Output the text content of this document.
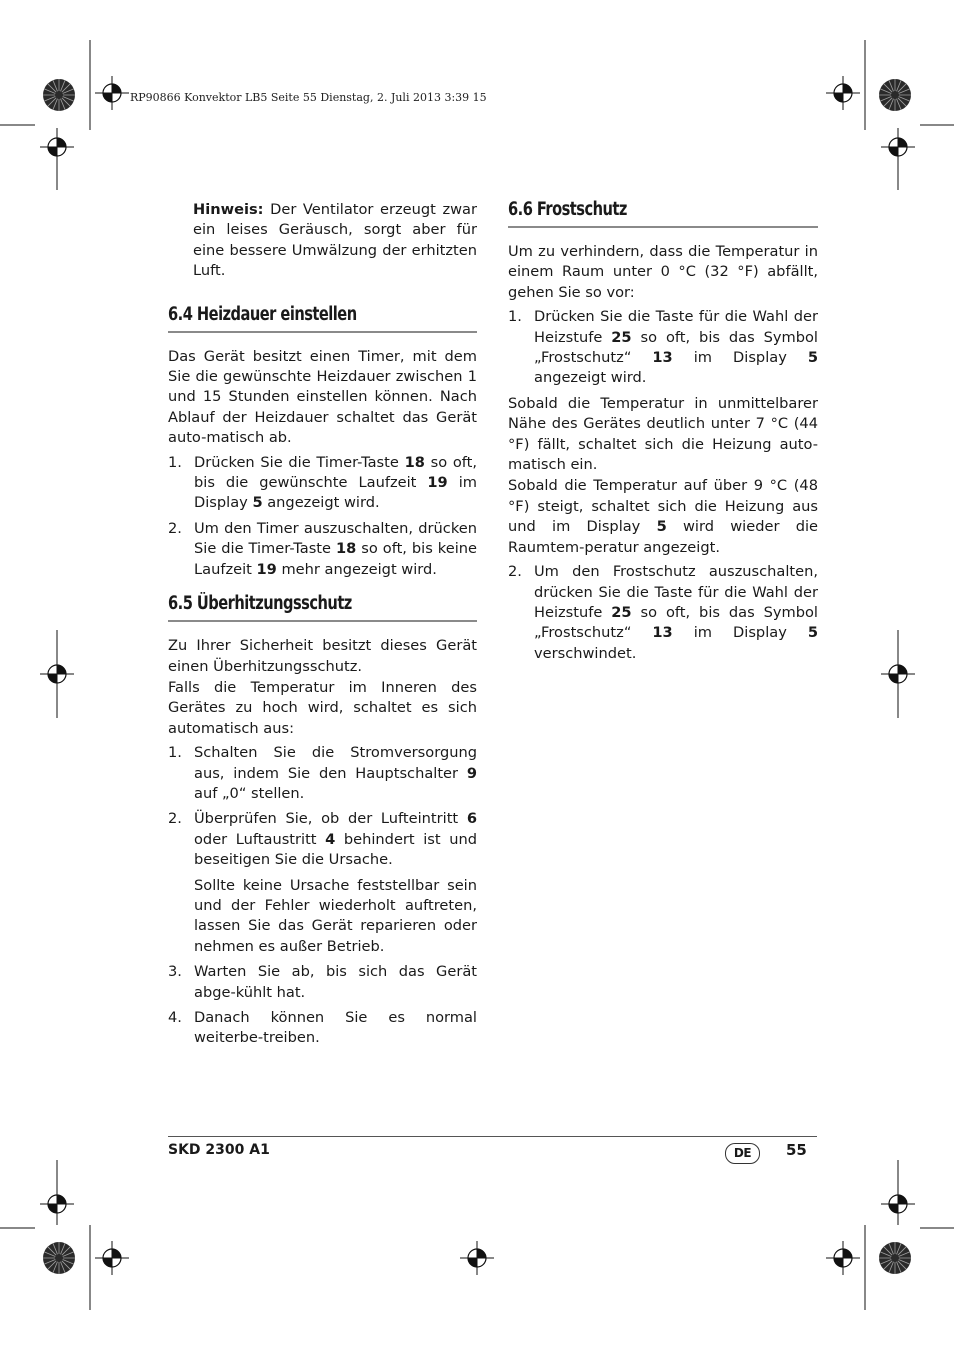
RP90866 Konvektor LB5 Seite 55 Dienstag, 2. Juli 2013 3:39 15

Hinweis: Der Ventilator erzeugt zwar ein leises Geräusch, sorgt aber für eine bessere Umwälzung der erhitzten Luft.

6.4 Heizdauer einstellen

Das Gerät besitzt einen Timer, mit dem Sie die gewünschte Heizdauer zwischen 1 und 15 Stunden einstellen können. Nach Ablauf der Heizdauer schaltet das Gerät auto-matisch ab.

1. Drücken Sie die Timer-Taste 18 so oft, bis die gewünschte Laufzeit 19 im Display 5 angezeigt wird.
2. Um den Timer auszuschalten, drücken Sie die Timer-Taste 18 so oft, bis keine Laufzeit 19 mehr angezeigt wird.
6.5 Überhitzungsschutz

Zu Ihrer Sicherheit besitzt dieses Gerät einen Überhitzungsschutz.

Falls die Temperatur im Inneren des Gerätes zu hoch wird, schaltet es sich automatisch aus:

1. Schalten Sie die Stromversorgung aus, indem Sie den Hauptschalter 9 auf „0“ stellen.
2. Überprüfen Sie, ob der Lufteintritt 6 oder Luftaustritt 4 behindert ist und beseitigen Sie die Ursache.

Sollte keine Ursache feststellbar sein und der Fehler wiederholt auftreten, lassen Sie das Gerät reparieren oder nehmen es außer Betrieb.

3. Warten Sie ab, bis sich das Gerät abge-kühlt hat.
4. Danach können Sie es normal weiterbe-treiben.
6.6 Frostschutz

Um zu verhindern, dass die Temperatur in einem Raum unter 0 °C (32 °F) abfällt, gehen Sie so vor:

1. Drücken Sie die Taste für die Wahl der Heizstufe 25 so oft, bis das Symbol „Frostschutz“ 13 im Display 5 angezeigt wird.

Sobald die Temperatur in unmittelbarer Nähe des Gerätes deutlich unter 7 °C (44 °F) fällt, schaltet sich die Heizung auto-matisch ein.

Sobald die Temperatur auf über 9 °C (48 °F) steigt, schaltet sich die Heizung aus und im Display 5 wird wieder die Raumtem-peratur angezeigt.

2. Um den Frostschutz auszuschalten, drücken Sie die Taste für die Wahl der Heizstufe 25 so oft, bis das Symbol „Frostschutz“ 13 im Display 5 verschwindet.
SKD 2300 A1	DE	55
